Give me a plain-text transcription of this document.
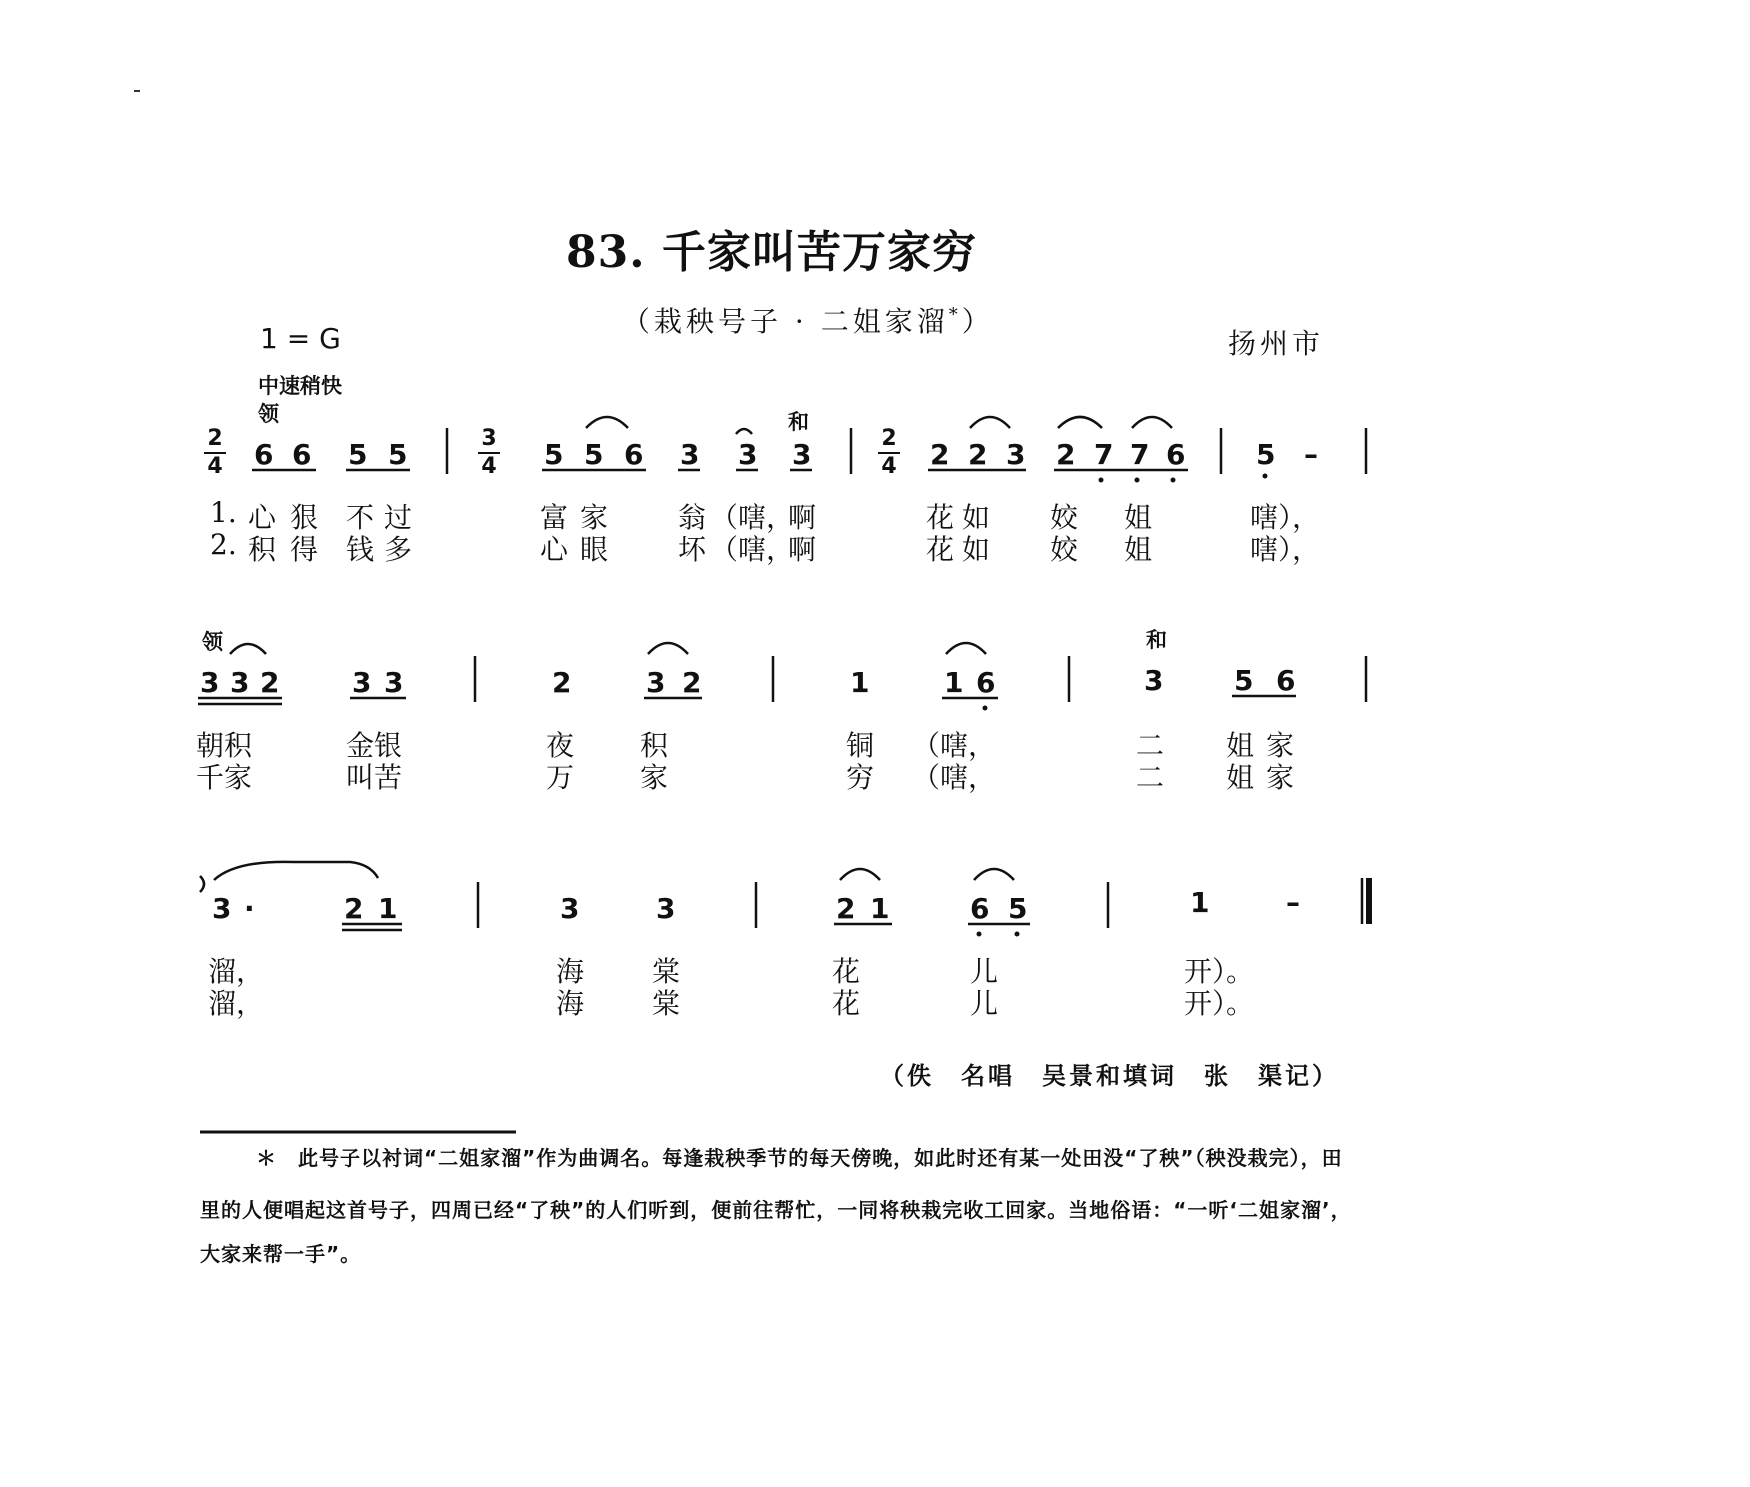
83. 千家叫苦万家穷
（栽秧号子 · 二姐家溜*）
1 = G	扬州市
中速稍快
领	和
2
4
3
4
2
4
6 6 5 5	5 5 6 3 3 3	2 2 3 2 7 7 6	5 –
1. 心 狠 不 过	富 家 翁 （嗐，
啊	花 如 姣 姐	嗐），
2. 积 得 钱 多	心 眼 坏 （嗐，
啊	花 如 姣 姐	嗐），
领	和
3 3 2	3 3	2	3 2	1	1 6	3	5 6
朝积	金银	夜 积	铜 （嗐，	二 姐 家
千家	叫苦	万 家	穷 （嗐，	二 姐 家
3 ·	2 1	3	3	2 1	6 5	1	–
溜，	海 棠	花	儿	开）。
溜，	海 棠	花	儿	开）。
（佚　名唱　吴景和填词　张　渠记）
＊　此号子以衬词“二姐家溜”作为曲调名。每逢栽秧季节的每天傍晚，如此时还有某一处田没“了秧”（秧没栽完），田
里的人便唱起这首号子，四周已经“了秧”的人们听到，便前往帮忙，一同将秧栽完收工回家。当地俗语：“一听‘二姐家溜’，
大家来帮一手”。
